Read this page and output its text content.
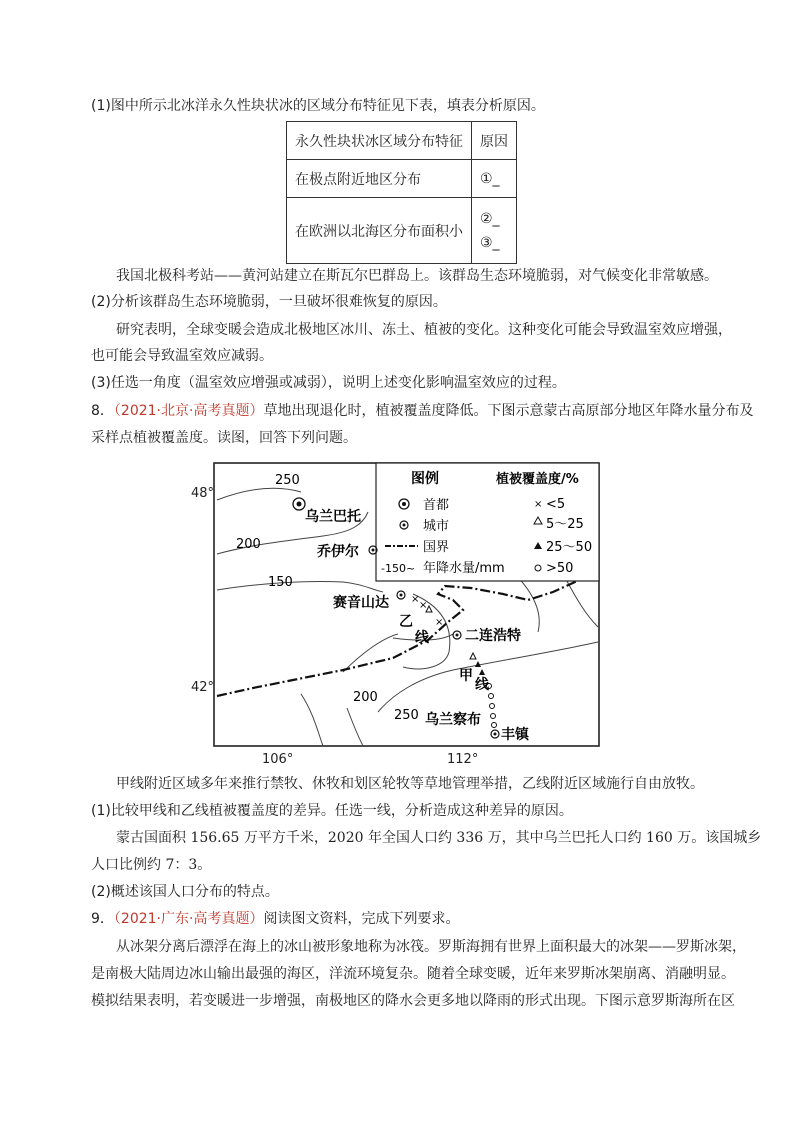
(1)图中所示北冰洋永久性块状冰的区域分布特征见下表，填表分析原因。
永久性块状冰区域分布特征	原因
在极点附近地区分布	①_
在欧洲以北海区分布面积小	②_
③_
我国北极科考站——黄河站建立在斯瓦尔巴群岛上。该群岛生态环境脆弱，对气候变化非常敏感。
(2)分析该群岛生态环境脆弱，一旦破坏很难恢复的原因。
研究表明，全球变暖会造成北极地区冰川、冻土、植被的变化。这种变化可能会导致温室效应增强，
也可能会导致温室效应减弱。
(3)任选一角度（温室效应增强或减弱），说明上述变化影响温室效应的过程。
8．（2021·北京·高考真题）草地出现退化时，植被覆盖度降低。下图示意蒙古高原部分地区年降水量分布及
采样点植被覆盖度。读图，回答下列问题。
图例	植被覆盖度/%
首都
城市
国界
-150~ 年降水量/mm
× <5
5～25
25～50
>50
250
200
150
200
250
乌兰巴托
乔伊尔
赛音山达
二连浩特
乌兰察布
丰镇
×
×
×
乙
线
甲
线
48°
42°
106°	112°
甲线附近区域多年来推行禁牧、休牧和划区轮牧等草地管理举措，乙线附近区域施行自由放牧。
(1)比较甲线和乙线植被覆盖度的差异。任选一线，分析造成这种差异的原因。
蒙古国面积 156.65 万平方千米，2020 年全国人口约 336 万，其中乌兰巴托人口约 160 万。该国城乡
人口比例约 7：3。
(2)概述该国人口分布的特点。
9．（2021·广东·高考真题）阅读图文资料，完成下列要求。
从冰架分离后漂浮在海上的冰山被形象地称为冰筏。罗斯海拥有世界上面积最大的冰架——罗斯冰架，
是南极大陆周边冰山输出最强的海区，洋流环境复杂。随着全球变暖，近年来罗斯冰架崩离、消融明显。
模拟结果表明，若变暖进一步增强，南极地区的降水会更多地以降雨的形式出现。下图示意罗斯海所在区
